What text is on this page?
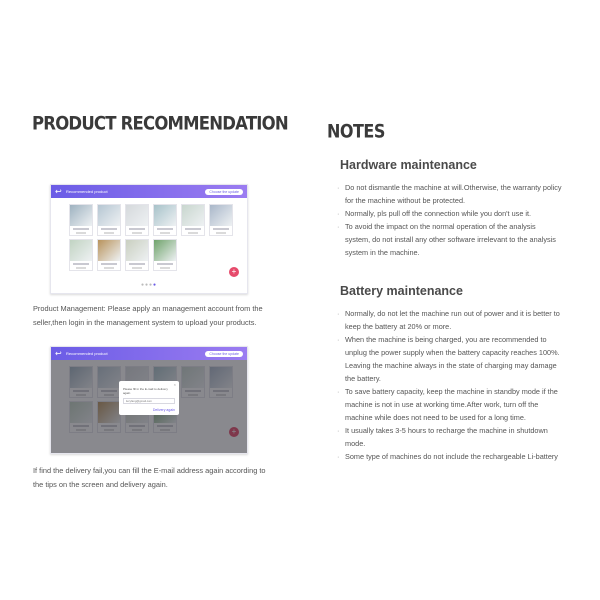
PRODUCT RECOMMENDATION NOTES
↩	Recommended product	Choose the update
●●●●
+
Product Management: Please apply an management account from the seller,then login in the management system to upload your products.
↩	Recommended product	Choose the update
×
Please fill in the E-mail to delivery again
lucyfang@gmail.com
Delivery again
If find the delivery fail,you can fill the E-mail address again according to the tips on the screen and delivery again.
Hardware maintenance
· Do not dismantle the machine at will.Otherwise, the warranty policy for the machine without be protected.
· Normally, pls pull off the connection while you don't use it.
· To avoid the impact on the normal operation of the analysis system, do not install any other software irrelevant to the analysis system in the machine.
Battery maintenance
· Normally, do not let the machine run out of power and it is better to keep the battery at 20% or more.
· When the machine is being charged, you are recommended to unplug the power supply when the battery capacity reaches 100%. Leaving the machine always in the state of charging may damage the battery.
· To save battery capacity, keep the machine in standby mode if the machine is not in use at working time.After work, turn off the machine while does not need to be used for a long time.
· It usually takes 3-5 hours to recharge the machine in shutdown mode.
· Some type of machines do not include the rechargeable Li-battery
